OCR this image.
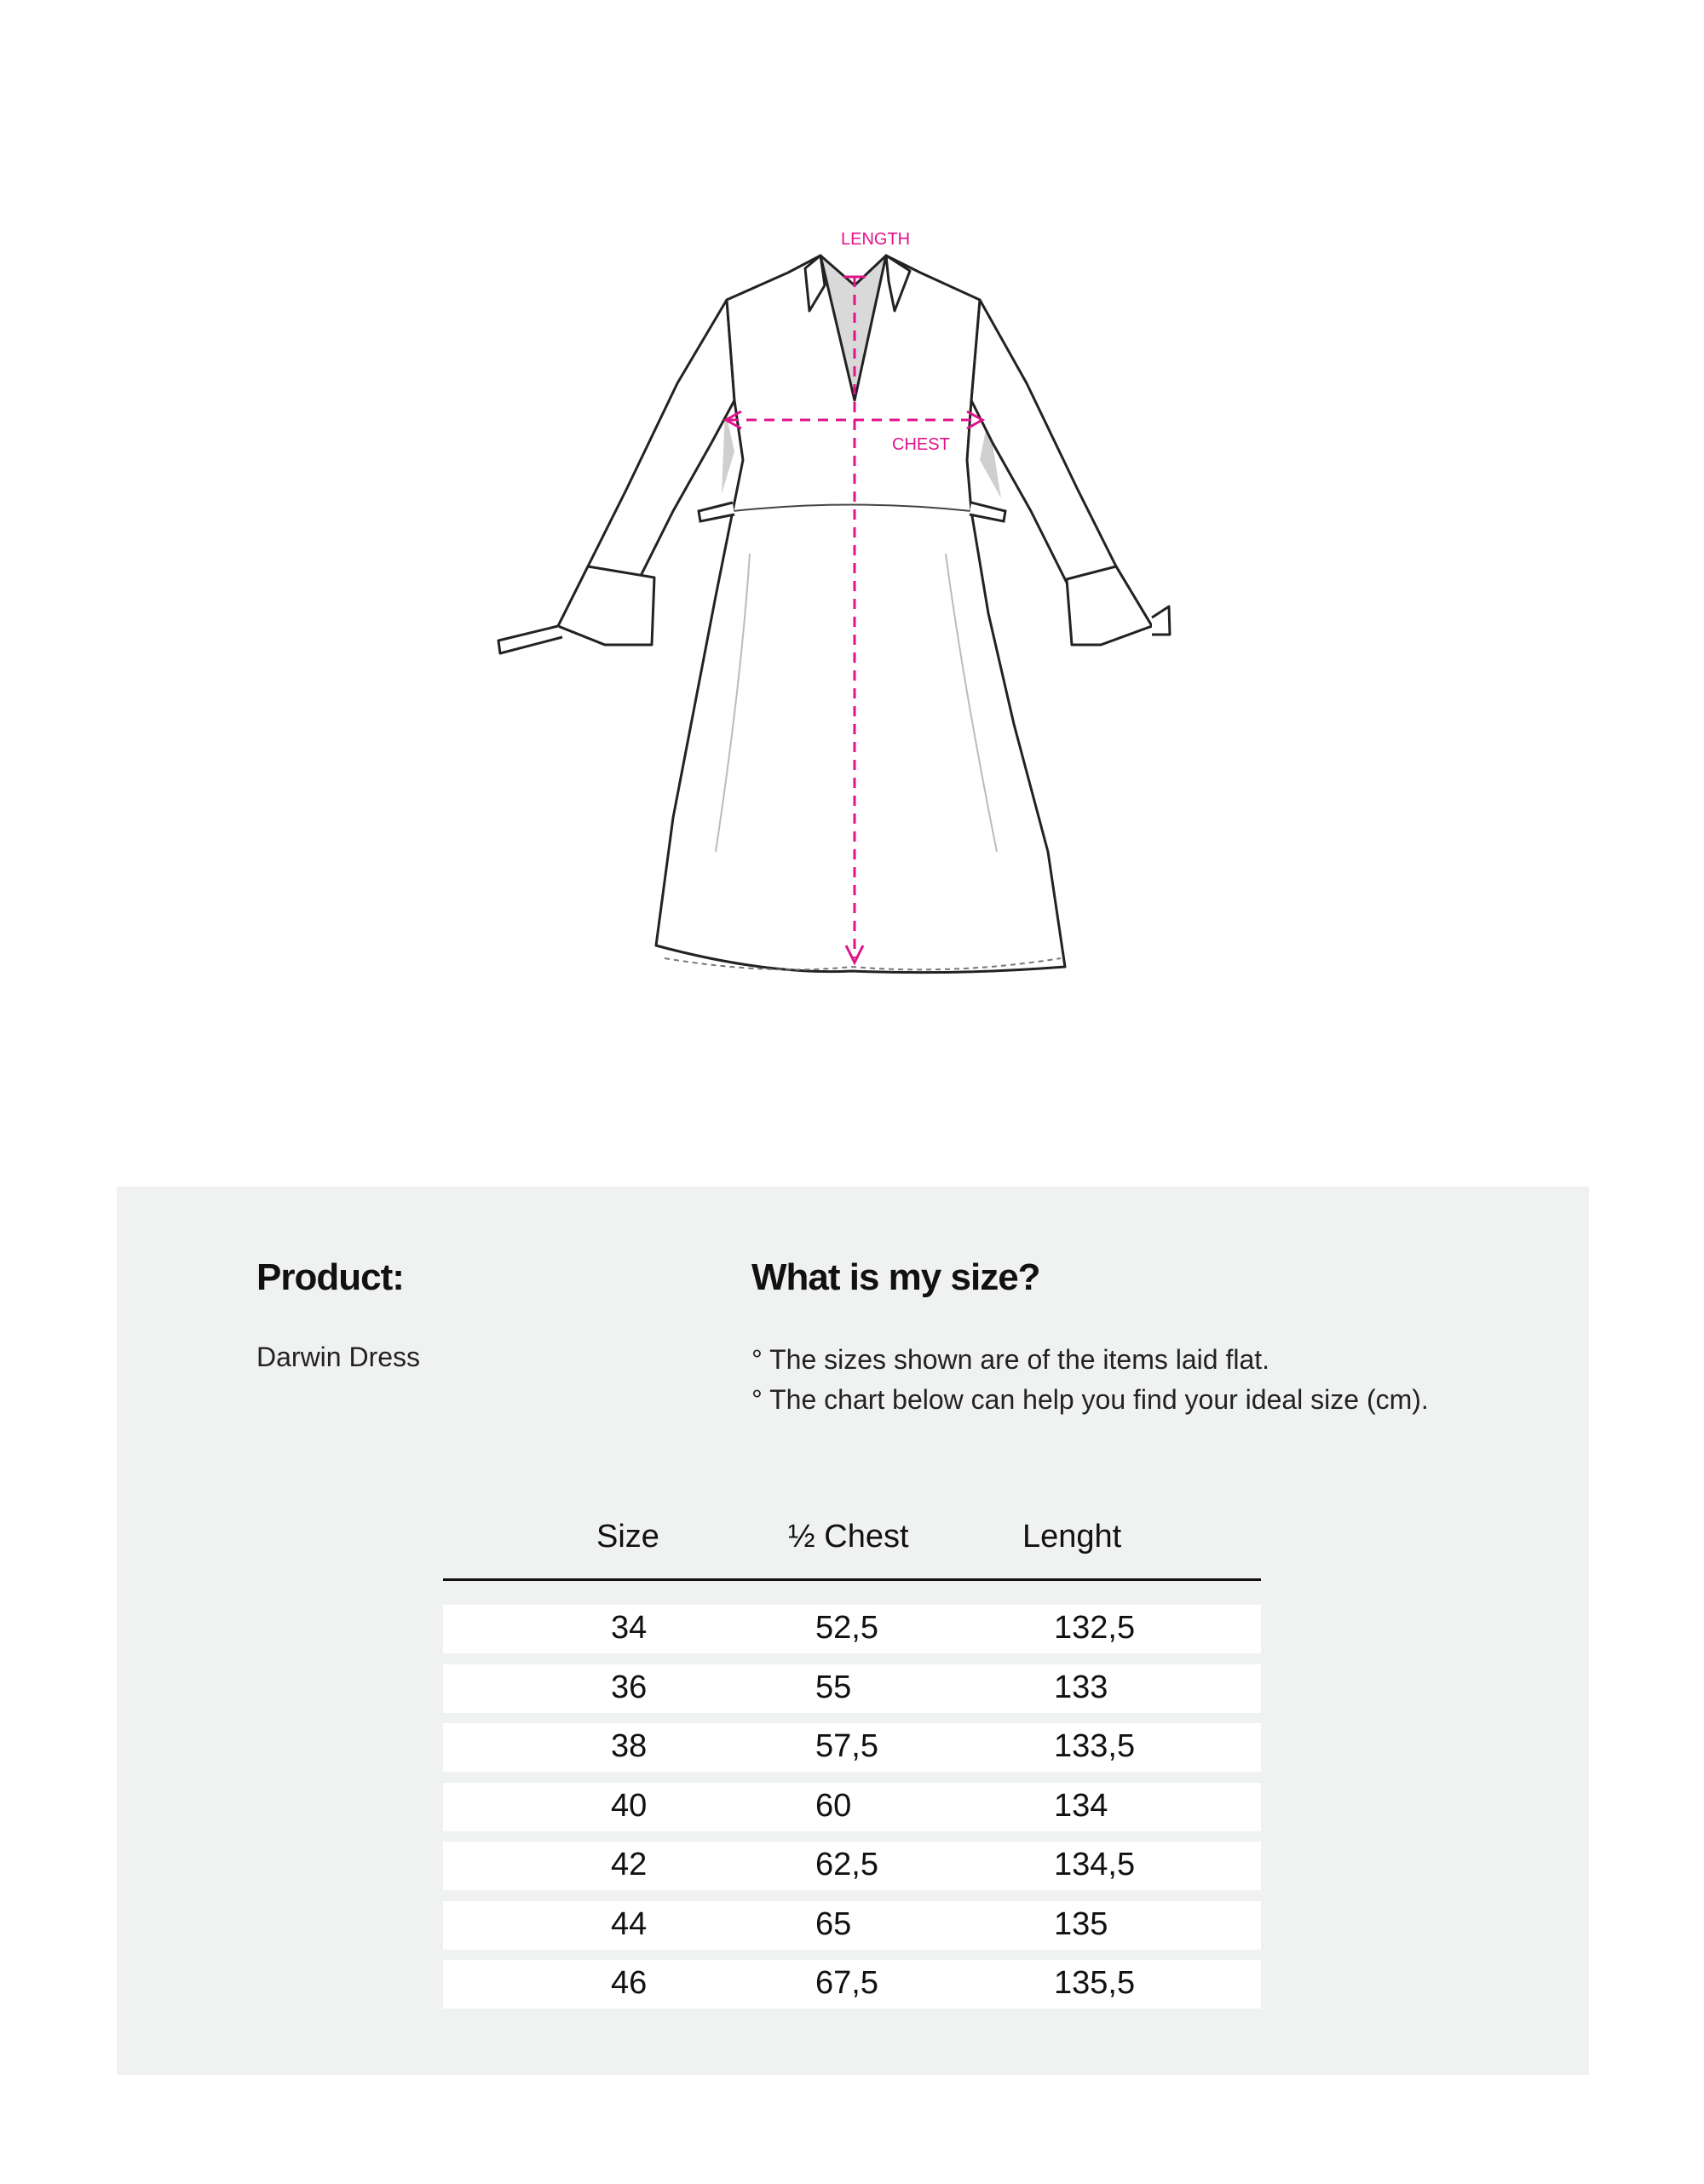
LENGTH
CHEST
Product:

Darwin Dress

What is my size?
° The sizes shown are of the items laid flat.
° The chart below can help you find your ideal size (cm).
Size	½ Chest	Lenght
34	52,5	132,5
36	55	133
38	57,5	133,5
40	60	134
42	62,5	134,5
44	65	135
46	67,5	135,5
